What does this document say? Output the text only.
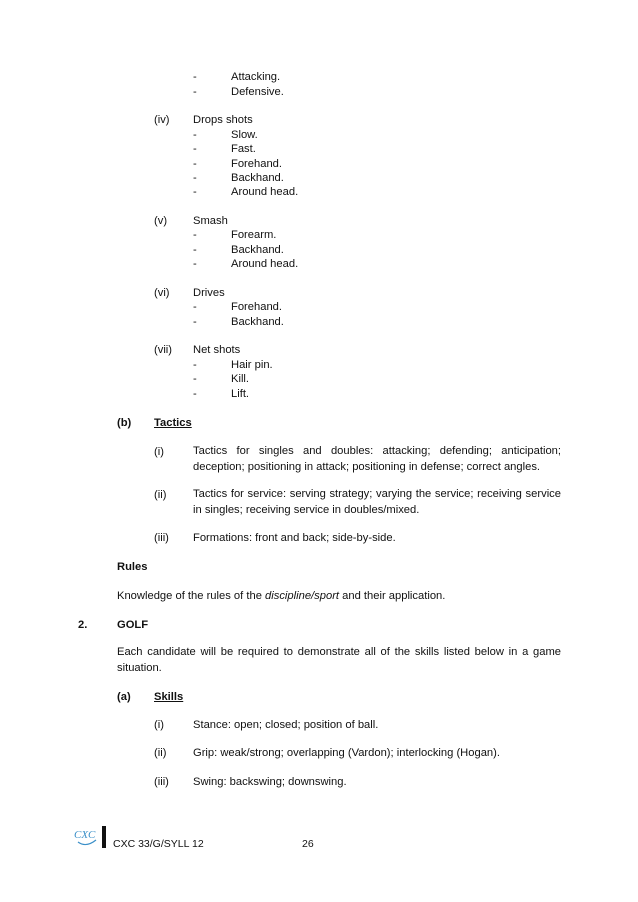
-	Attacking.
-	Defensive.
(iv) Drops shots
-	Slow.
-	Fast.
-	Forehand.
-	Backhand.
-	Around head.
(v) Smash
-	Forearm.
-	Backhand.
-	Around head.
(vi) Drives
-	Forehand.
-	Backhand.
(vii) Net shots
-	Hair pin.
-	Kill.
-	Lift.
(b) Tactics
(i)	Tactics for singles and doubles: attacking; defending; anticipation; deception; positioning in attack; positioning in defense; correct angles.
(ii) Tactics for service: serving strategy; varying the service; receiving service in singles; receiving service in doubles/mixed.
(iii) Formations: front and back; side-by-side.
Rules
Knowledge of the rules of the discipline/sport and their application.
2.	GOLF
Each candidate will be required to demonstrate all of the skills listed below in a game situation.
(a) Skills
(i)	Stance: open; closed; position of ball.
(ii) Grip: weak/strong; overlapping (Vardon); interlocking (Hogan).
(iii) Swing: backswing; downswing.
CXC
CXC 33/G/SYLL 12	26
